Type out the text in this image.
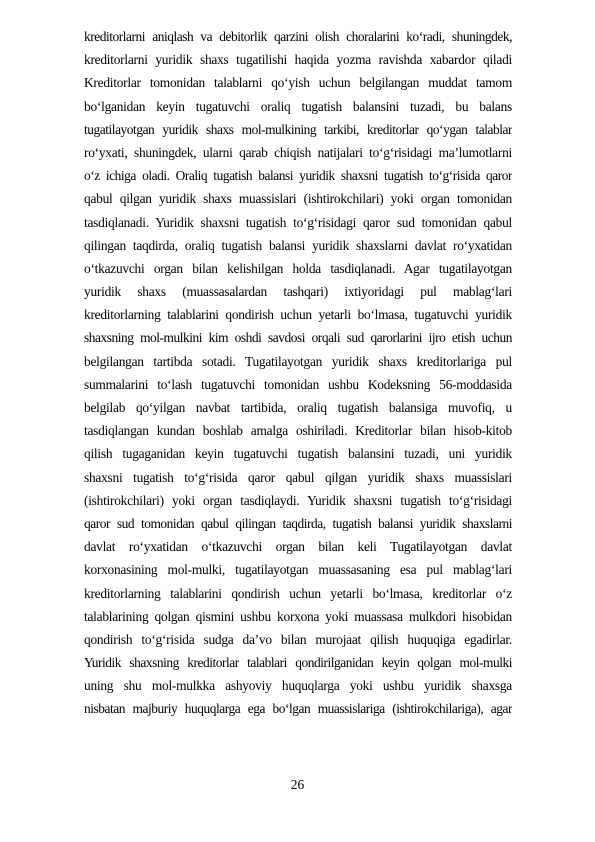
kreditorlarni aniqlash va debitorlik qarzini olish choralarini ko‘radi, shuningdek,
kreditorlarni yuridik shaxs tugatilishi haqida yozma ravishda xabardor qiladi
Kreditorlar tomonidan talablarni qo‘yish uchun belgilangan muddat tamom
bo‘lganidan keyin tugatuvchi oraliq tugatish balansini tuzadi, bu balans
tugatilayotgan yuridik shaxs mol-mulkining tarkibi, kreditorlar qo‘ygan talablar
ro‘yxati, shuningdek, ularni qarab chiqish natijalari to‘g‘risidagi ma’lumotlarni
o‘z ichiga oladi. Oraliq tugatish balansi yuridik shaxsni tugatish to‘g‘risida qaror
qabul qilgan yuridik shaxs muassislari (ishtirokchilari) yoki organ tomonidan
tasdiqlanadi. Yuridik shaxsni tugatish to‘g‘risidagi qaror sud tomonidan qabul
qilingan taqdirda, oraliq tugatish balansi yuridik shaxslarni davlat ro‘yxatidan
o‘tkazuvchi organ bilan kelishilgan holda tasdiqlanadi. Agar tugatilayotgan
yuridik shaxs (muassasalardan tashqari) ixtiyoridagi pul mablag‘lari
kreditorlarning talablarini qondirish uchun yetarli bo‘lmasa, tugatuvchi yuridik
shaxsning mol-mulkini kim oshdi savdosi orqali sud qarorlarini ijro etish uchun
belgilangan tartibda sotadi. Tugatilayotgan yuridik shaxs kreditorlariga pul
summalarini to‘lash tugatuvchi tomonidan ushbu Kodeksning 56-moddasida
belgilab qo‘yilgan navbat tartibida, oraliq tugatish balansiga muvofiq, u
tasdiqlangan kundan boshlab amalga oshiriladi. Kreditorlar bilan hisob-kitob
qilish tugaganidan keyin tugatuvchi tugatish balansini tuzadi, uni yuridik
shaxsni tugatish to‘g‘risida qaror qabul qilgan yuridik shaxs muassislari
(ishtirokchilari) yoki organ tasdiqlaydi. Yuridik shaxsni tugatish to‘g‘risidagi
qaror sud tomonidan qabul qilingan taqdirda, tugatish balansi yuridik shaxslarni
davlat ro‘yxatidan o‘tkazuvchi organ bilan keli Tugatilayotgan davlat
korxonasining mol-mulki, tugatilayotgan muassasaning esa pul mablag‘lari
kreditorlarning talablarini qondirish uchun yetarli bo‘lmasa, kreditorlar o‘z
talablarining qolgan qismini ushbu korxona yoki muassasa mulkdori hisobidan
qondirish to‘g‘risida sudga da’vo bilan murojaat qilish huquqiga egadirlar.
Yuridik shaxsning kreditorlar talablari qondirilganidan keyin qolgan mol-mulki
uning shu mol-mulkka ashyoviy huquqlarga yoki ushbu yuridik shaxsga
nisbatan majburiy huquqlarga ega bo‘lgan muassislariga (ishtirokchilariga), agar
26
